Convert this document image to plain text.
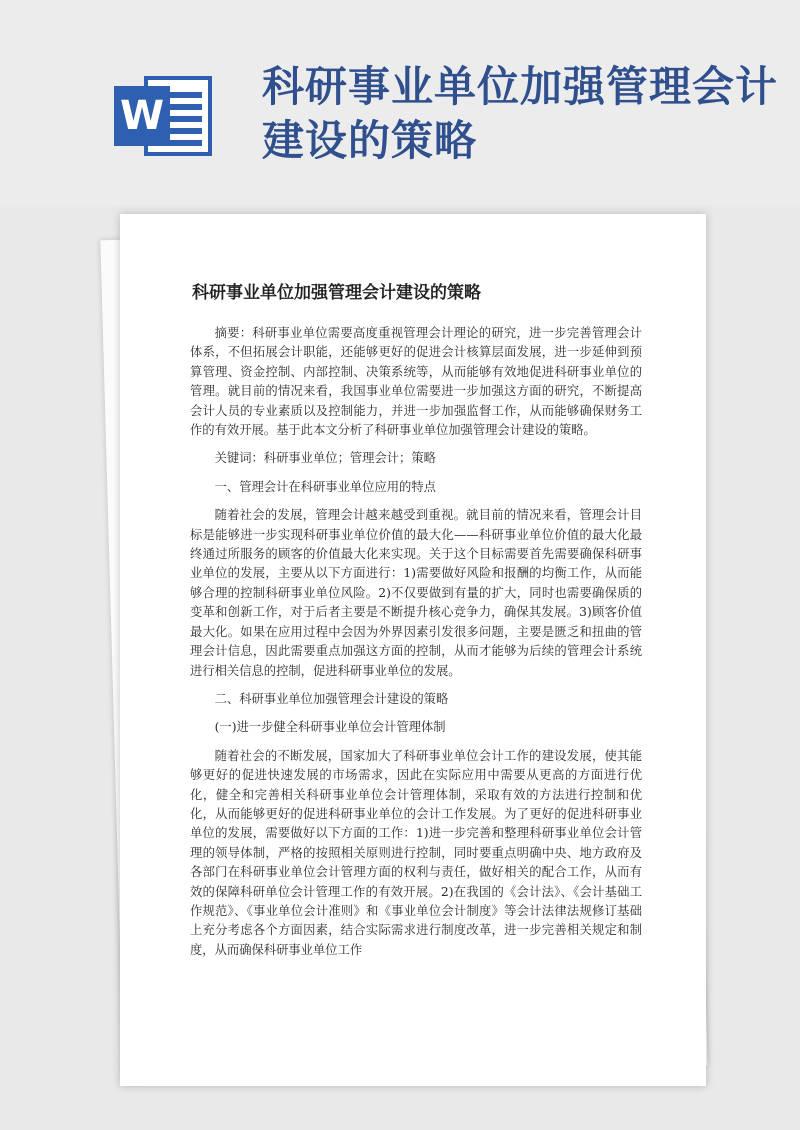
W
科研事业单位加强管理会计建设的策略
科研事业单位加强管理会计建设的策略

摘要：科研事业单位需要高度重视管理会计理论的研究，进一步完善管理会计体系，不但拓展会计职能，还能够更好的促进会计核算层面发展，进一步延伸到预算管理、资金控制、内部控制、决策系统等，从而能够有效地促进科研事业单位的管理。就目前的情况来看，我国事业单位需要进一步加强这方面的研究，不断提高会计人员的专业素质以及控制能力，并进一步加强监督工作，从而能够确保财务工作的有效开展。基于此本文分析了科研事业单位加强管理会计建设的策略。

关键词：科研事业单位；管理会计；策略

一、管理会计在科研事业单位应用的特点

随着社会的发展，管理会计越来越受到重视。就目前的情况来看，管理会计目标是能够进一步实现科研事业单位价值的最大化——科研事业单位价值的最大化最终通过所服务的顾客的价值最大化来实现。关于这个目标需要首先需要确保科研事业单位的发展，主要从以下方面进行：1)需要做好风险和报酬的均衡工作，从而能够合理的控制科研事业单位风险。2)不仅要做到有量的扩大，同时也需要确保质的变革和创新工作，对于后者主要是不断提升核心竞争力，确保其发展。3)顾客价值最大化。如果在应用过程中会因为外界因素引发很多问题，主要是匮乏和扭曲的管理会计信息，因此需要重点加强这方面的控制，从而才能够为后续的管理会计系统进行相关信息的控制，促进科研事业单位的发展。

二、科研事业单位加强管理会计建设的策略

(一)进一步健全科研事业单位会计管理体制

随着社会的不断发展，国家加大了科研事业单位会计工作的建设发展，使其能够更好的促进快速发展的市场需求，因此在实际应用中需要从更高的方面进行优化，健全和完善相关科研事业单位会计管理体制，采取有效的方法进行控制和优化，从而能够更好的促进科研事业单位的会计工作发展。为了更好的促进科研事业单位的发展，需要做好以下方面的工作：1)进一步完善和整理科研事业单位会计管理的领导体制，严格的按照相关原则进行控制，同时要重点明确中央、地方政府及各部门在科研事业单位会计管理方面的权利与责任，做好相关的配合工作，从而有效的保障科研单位会计管理工作的有效开展。2)在我国的《会计法》、《会计基础工作规范》、《事业单位会计准则》和《事业单位会计制度》等会计法律法规修订基础上充分考虑各个方面因素，结合实际需求进行制度改革，进一步完善相关规定和制度，从而确保科研事业单位工作
